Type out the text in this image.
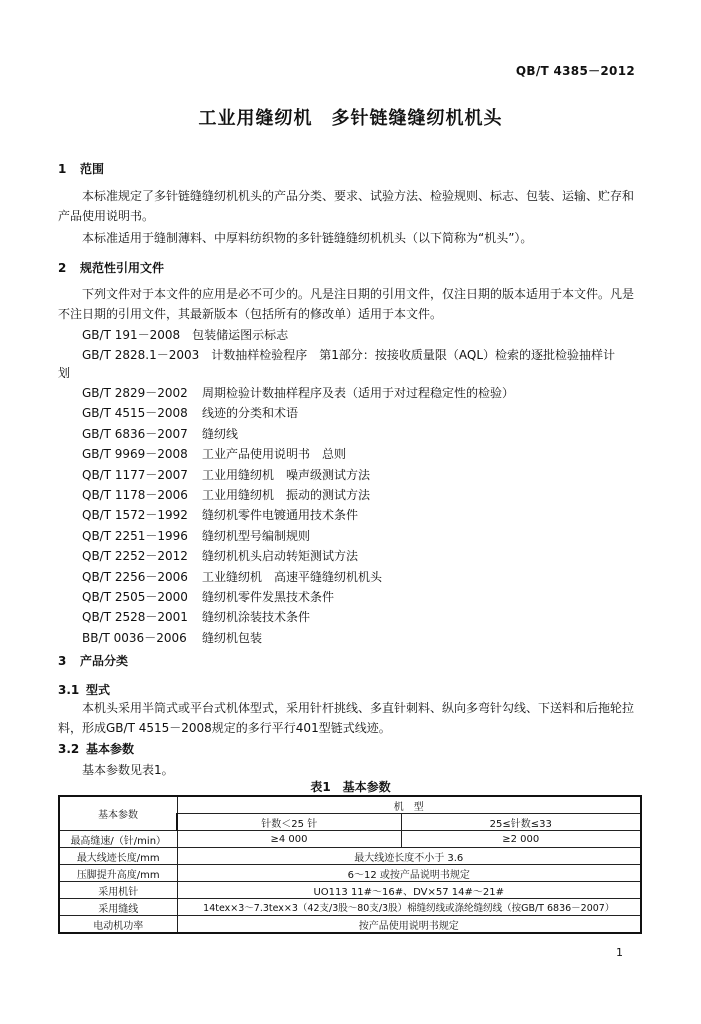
QB/T 4385－2012
工业用缝纫机　多针链缝缝纫机机头
1 范围

本标准规定了多针链缝缝纫机机头的产品分类、要求、试验方法、检验规则、标志、包装、运输、贮存和产品使用说明书。

本标准适用于缝制薄料、中厚料纺织物的多针链缝缝纫机机头（以下简称为“机头”）。

2 规范性引用文件

下列文件对于本文件的应用是必不可少的。凡是注日期的引用文件，仅注日期的版本适用于本文件。凡是不注日期的引用文件，其最新版本（包括所有的修改单）适用于本文件。

GB/T 191－2008　包装储运图示标志
GB/T 2828.1－2003　计数抽样检验程序　第1部分：按接收质量限（AQL）检索的逐批检验抽样计
划
GB/T 2829－2002 周期检验计数抽样程序及表（适用于对过程稳定性的检验）
GB/T 4515－2008 线迹的分类和术语
GB/T 6836－2007 缝纫线
GB/T 9969－2008 工业产品使用说明书　总则
QB/T 1177－2007 工业用缝纫机　噪声级测试方法
QB/T 1178－2006 工业用缝纫机　振动的测试方法
QB/T 1572－1992 缝纫机零件电镀通用技术条件
QB/T 2251－1996 缝纫机型号编制规则
QB/T 2252－2012 缝纫机机头启动转矩测试方法
QB/T 2256－2006 工业缝纫机　高速平缝缝纫机机头
QB/T 2505－2000 缝纫机零件发黑技术条件
QB/T 2528－2001 缝纫机涂装技术条件
BB/T 0036－2006 缝纫机包装
3 产品分类
3.1 型式

本机头采用半筒式或平台式机体型式，采用针杆挑线、多直针刺料、纵向多弯针勾线、下送料和后拖轮拉料，形成GB/T 4515－2008规定的多行平行401型链式线迹。

3.2 基本参数
基本参数见表1。
表1　基本参数
基本参数	机　型	
	针数＜25 针	25≤针数≤33
最高缝速/（针/min）	≥4 000	≥2 000
最大线迹长度/mm	最大线迹长度不小于 3.6	
压脚提升高度/mm	6～12 或按产品说明书规定	
采用机针	UO113 11#～16#、DV×57 14#～21#	
采用缝线	14tex×3～7.3tex×3（42支/3股～80支/3股）棉缝纫线或涤纶缝纫线（按GB/T 6836－2007）	
电动机功率	按产品使用说明书规定	
1
